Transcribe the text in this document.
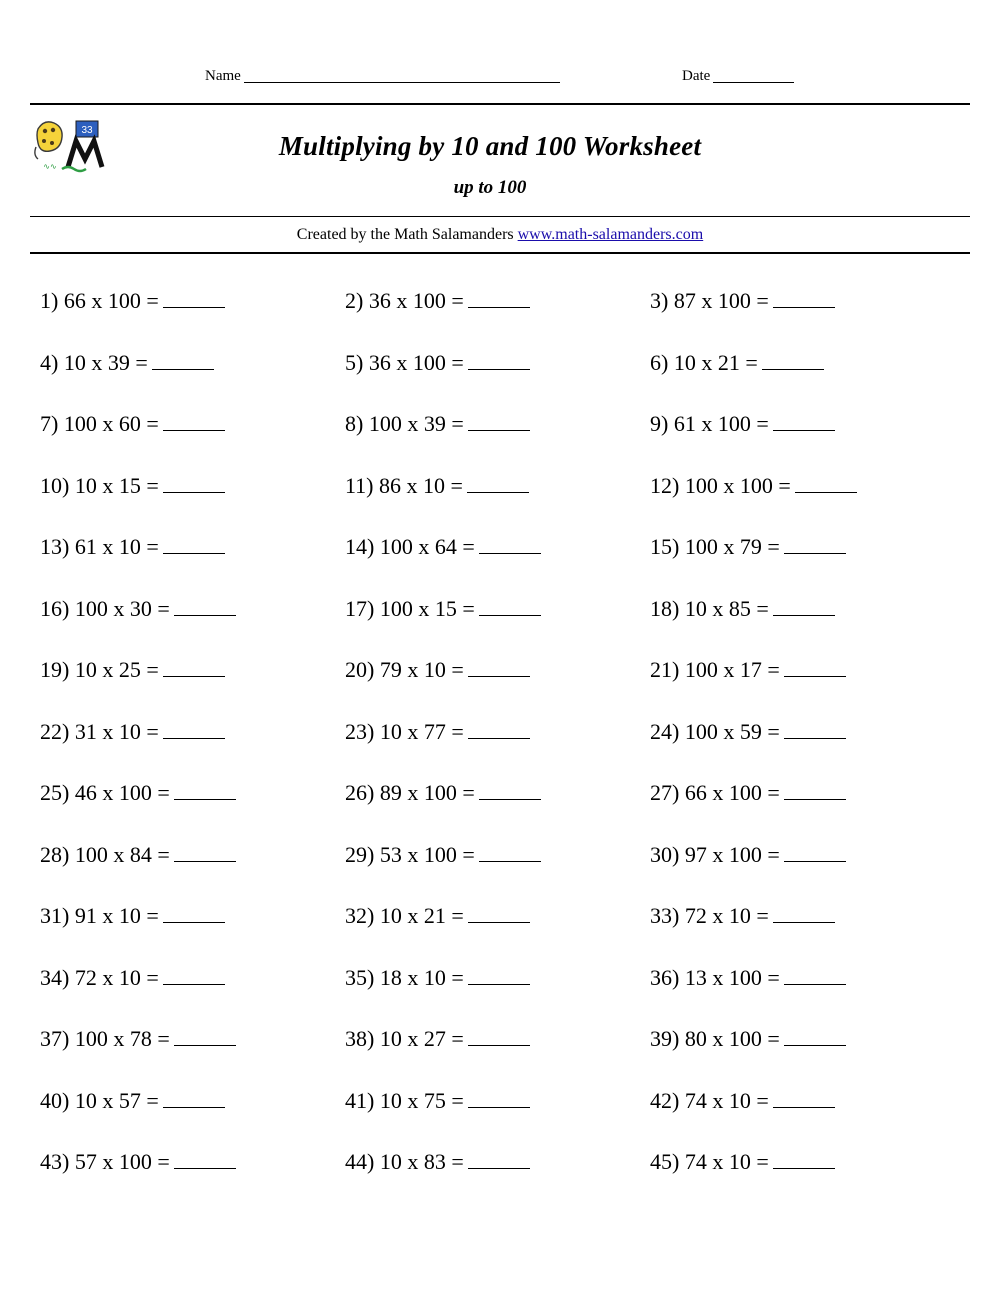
Name	Date
33
∿∿
Multiplying by 10 and 100 Worksheet
up to 100
Created by the Math Salamanders www.math-salamanders.com
1) 66 x 100 =	2) 36 x 100 =	3) 87 x 100 =
4) 10 x 39 =	5) 36 x 100 =	6) 10 x 21 =
7) 100 x 60 =	8) 100 x 39 =	9) 61 x 100 =
10) 10 x 15 =	11) 86 x 10 =	12) 100 x 100 =
13) 61 x 10 =	14) 100 x 64 =	15) 100 x 79 =
16) 100 x 30 =	17) 100 x 15 =	18) 10 x 85 =
19) 10 x 25 =	20) 79 x 10 =	21) 100 x 17 =
22) 31 x 10 =	23) 10 x 77 =	24) 100 x 59 =
25) 46 x 100 =	26) 89 x 100 =	27) 66 x 100 =
28) 100 x 84 =	29) 53 x 100 =	30) 97 x 100 =
31) 91 x 10 =	32) 10 x 21 =	33) 72 x 10 =
34) 72 x 10 =	35) 18 x 10 =	36) 13 x 100 =
37) 100 x 78 =	38) 10 x 27 =	39) 80 x 100 =
40) 10 x 57 =	41) 10 x 75 =	42) 74 x 10 =
43) 57 x 100 =	44) 10 x 83 =	45) 74 x 10 =
